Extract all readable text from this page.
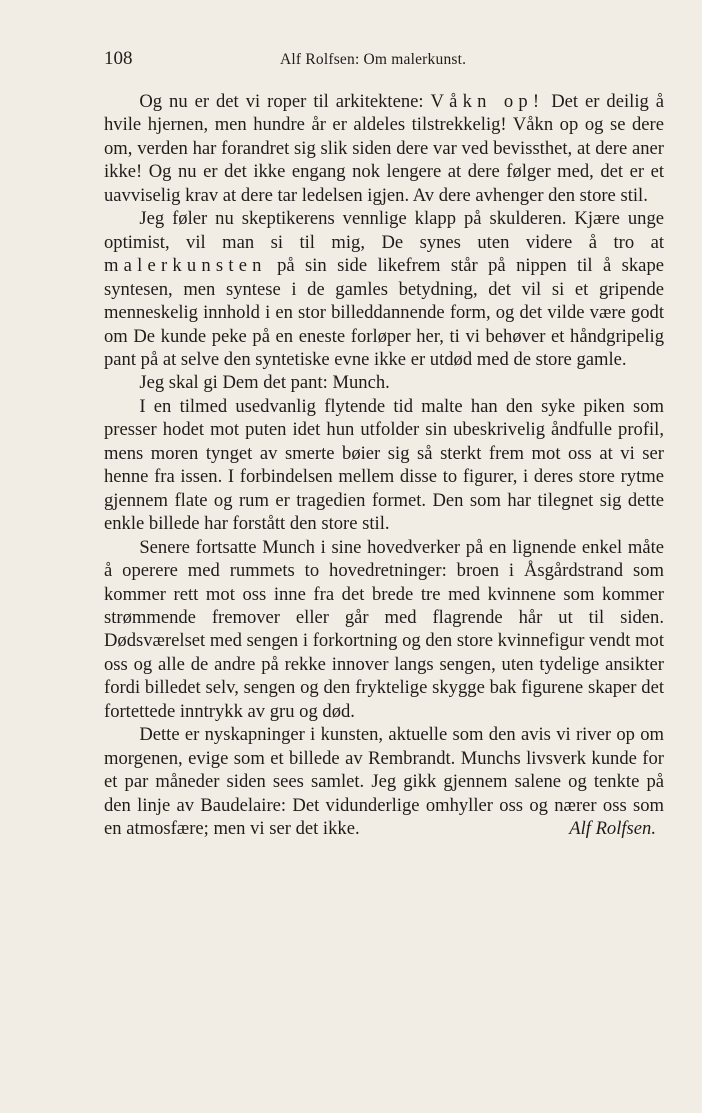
108	Alf Rolfsen: Om malerkunst.

Og nu er det vi roper til arkitektene: Våkn op! Det er deilig å hvile hjernen, men hundre år er aldeles tilstrekkelig! Våkn op og se dere om, verden har forandret sig slik siden dere var ved bevissthet, at dere aner ikke! Og nu er det ikke engang nok lengere at dere følger med, det er et uavviselig krav at dere tar ledelsen igjen. Av dere avhenger den store stil.

Jeg føler nu skeptikerens vennlige klapp på skulderen. Kjære unge optimist, vil man si til mig, De synes uten videre å tro at malerkunsten på sin side likefrem står på nippen til å skape syntesen, men syntese i de gamles betydning, det vil si et gripende menneskelig innhold i en stor billeddannende form, og det vilde være godt om De kunde peke på en eneste forløper her, ti vi behøver et håndgripelig pant på at selve den syntetiske evne ikke er utdød med de store gamle.

Jeg skal gi Dem det pant: Munch.

I en tilmed usedvanlig flytende tid malte han den syke piken som presser hodet mot puten idet hun utfolder sin ubeskrivelig åndfulle profil, mens moren tynget av smerte bøier sig så sterkt frem mot oss at vi ser henne fra issen. I forbindelsen mellem disse to figurer, i deres store rytme gjennem flate og rum er tragedien formet. Den som har tilegnet sig dette enkle billede har forstått den store stil.

Senere fortsatte Munch i sine hovedverker på en lignende enkel måte å operere med rummets to hovedretninger: broen i Åsgårdstrand som kommer rett mot oss inne fra det brede tre med kvinnene som kommer strømmende fremover eller går med flagrende hår ut til siden. Dødsværelset med sengen i forkortning og den store kvinnefigur vendt mot oss og alle de andre på rekke innover langs sengen, uten tydelige ansikter fordi billedet selv, sengen og den fryktelige skygge bak figurene skaper det fortettede inntrykk av gru og død.

Dette er nyskapninger i kunsten, aktuelle som den avis vi river op om morgenen, evige som et billede av Rembrandt. Munchs livsverk kunde for et par måneder siden sees samlet. Jeg gikk gjennem salene og tenkte på den linje av Baudelaire: Det vidunderlige omhyller oss og nærer oss som en atmosfære; men vi ser det ikke.	Alf Rolfsen.
